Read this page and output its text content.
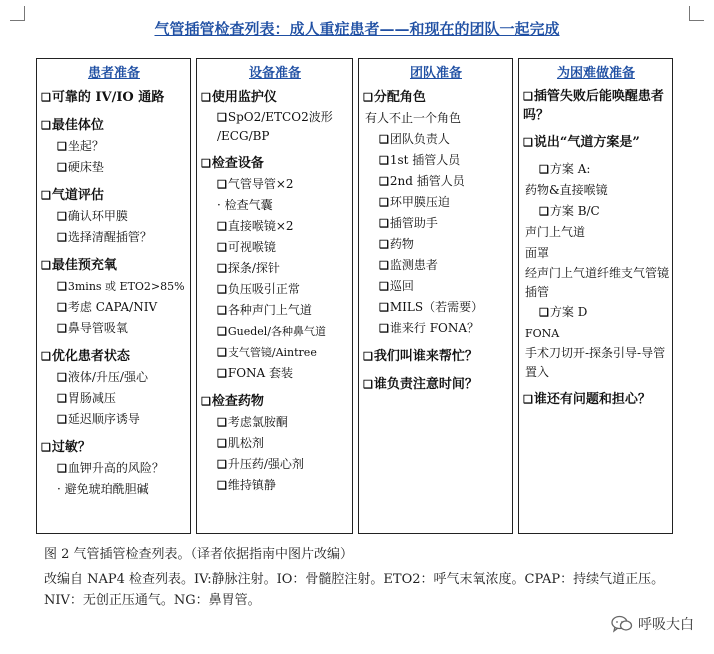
气管插管检查列表：成人重症患者——和现在的团队一起完成
患者准备
❑可靠的 IV/IO 通路
❑最佳体位
❑坐起？
❑硬床垫
❑气道评估
❑确认环甲膜
❑选择清醒插管？
❑最佳预充氧
❑3mins 或 ETO2>85%
❑考虑 CAPA/NIV
❑鼻导管吸氧
❑优化患者状态
❑液体/升压/强心
❑胃肠减压
❑延迟顺序诱导
❑过敏？
❑血钾升高的风险？
· 避免琥珀酰胆碱
设备准备
❑使用监护仪
❑SpO2/ETCO2波形 /ECG/BP
❑检查设备
❑气管导管×2
· 检查气囊
❑直接喉镜×2
❑可视喉镜
❑探条/探针
❑负压吸引正常
❑各种声门上气道
❑Guedel/各种鼻气道
❑支气管镜/Aintree
❑FONA 套装
❑检查药物
❑考虑氯胺酮
❑肌松剂
❑升压药/强心剂
❑维持镇静
团队准备
❑分配角色
有人不止一个角色
❑团队负责人
❑1st 插管人员
❑2nd 插管人员
❑环甲膜压迫
❑插管助手
❑药物
❑监测患者
❑巡回
❑MILS（若需要）
❑谁来行 FONA？
❑我们叫谁来帮忙？
❑谁负责注意时间？
为困难做准备
❑插管失败后能唤醒患者吗？
❑说出“气道方案是”
❑方案 A:
药物&直接喉镜
❑方案 B/C
声门上气道
面罩
经声门上气道纤维支气管镜插管
❑方案 D
FONA
手术刀切开-探条引导-导管置入
❑谁还有问题和担心？
图 2 气管插管检查列表。（译者依据指南中图片改编）
改编自 NAP4 检查列表。IV:静脉注射。IO：骨髓腔注射。ETO2：呼气末氧浓度。CPAP：持续气道正压。NIV：无创正压通气。NG：鼻胃管。
呼吸大白
